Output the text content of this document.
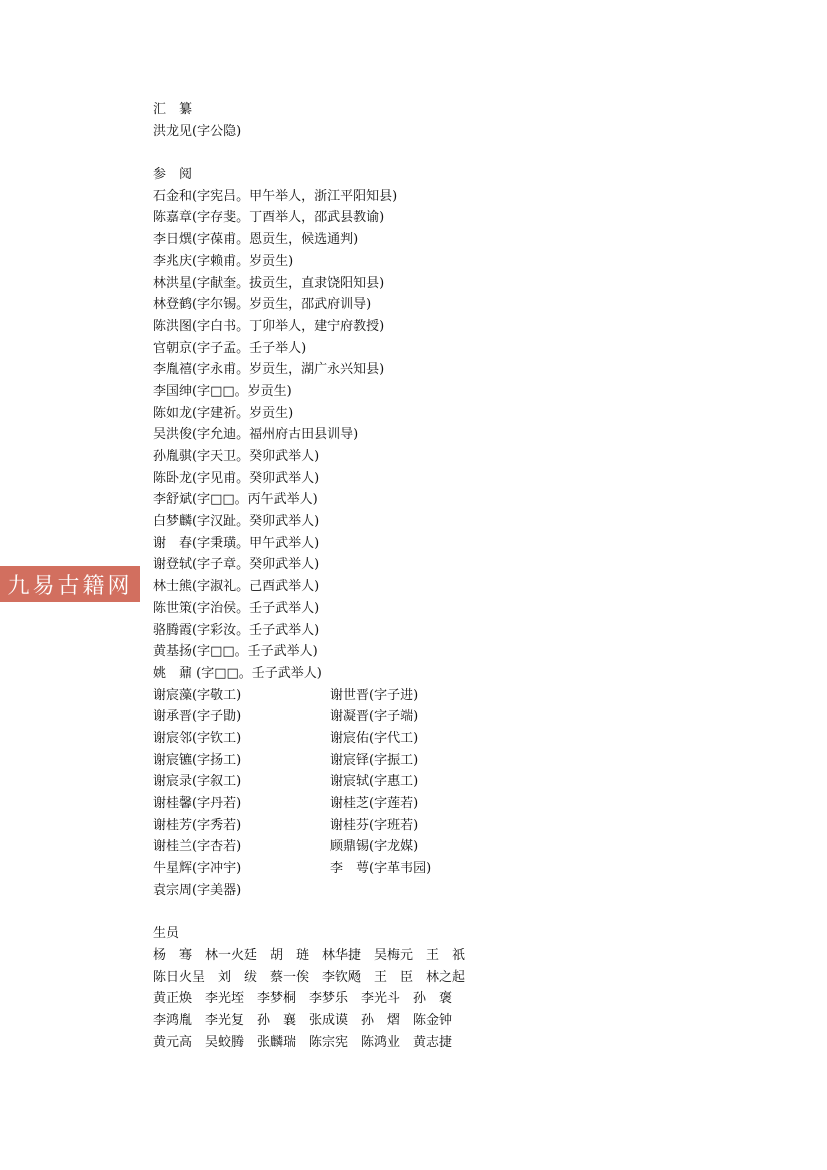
汇　纂
洪龙见(字公隐)
参　阅
石金和(字宪吕。甲午举人，浙江平阳知县)
陈嘉章(字存斐。丁酉举人，邵武县教谕)
李日熼(字葆甫。恩贡生，候选通判)
李兆庆(字赖甫。岁贡生)
林洪星(字献奎。拔贡生，直隶饶阳知县)
林登鹤(字尔锡。岁贡生，邵武府训导)
陈洪图(字白书。丁卯举人，建宁府教授)
官朝京(字子孟。壬子举人)
李胤禧(字永甫。岁贡生，湖广永兴知县)
李国绅(字□□。岁贡生)
陈如龙(字建祈。岁贡生)
吴洪俊(字允迪。福州府古田县训导)
孙胤骐(字天卫。癸卯武举人)
陈卧龙(字见甫。癸卯武举人)
李舒斌(字□□。丙午武举人)
白梦麟(字汉趾。癸卯武举人)
谢　春(字秉璜。甲午武举人)
谢登轼(字子章。癸卯武举人)
林士熊(字淑礼。己酉武举人)
陈世策(字治侯。壬子武举人)
骆腾霞(字彩汝。壬子武举人)
黄基扬(字□□。壬子武举人)
姚　鼐 (字□□。壬子武举人)
谢宸藻(字敬工)	谢世晋(字子进)
谢承晋(字子勖)	谢凝晋(字子端)
谢宸邻(字钦工)	谢宸佑(字代工)
谢宸镳(字扬工)	谢宸铎(字振工)
谢宸录(字叙工)	谢宸轼(字惠工)
谢桂馨(字丹若)	谢桂芝(字莲若)
谢桂芳(字秀若)	谢桂芬(字班若)
谢桂兰(字杏若)	顾鼎锡(字龙媒)
牛星辉(字冲宇)	李　萼(字革韦园)
袁宗周(字美器)
生员
杨　骞　林一火廷　胡　琏　林华捷　吴梅元　王　祇
陈日火呈　刘　绂　蔡一俟　李钦飏　王　臣　林之起
黄正焕　李光垤　李梦桐　李梦乐　李光斗　孙　褒
李鸿胤　李光复　孙　襄　张成谟　孙　熠　陈金钟
黄元高　吴蛟腾　张麟瑞　陈宗宪　陈鸿业　黄志捷
九易古籍网
